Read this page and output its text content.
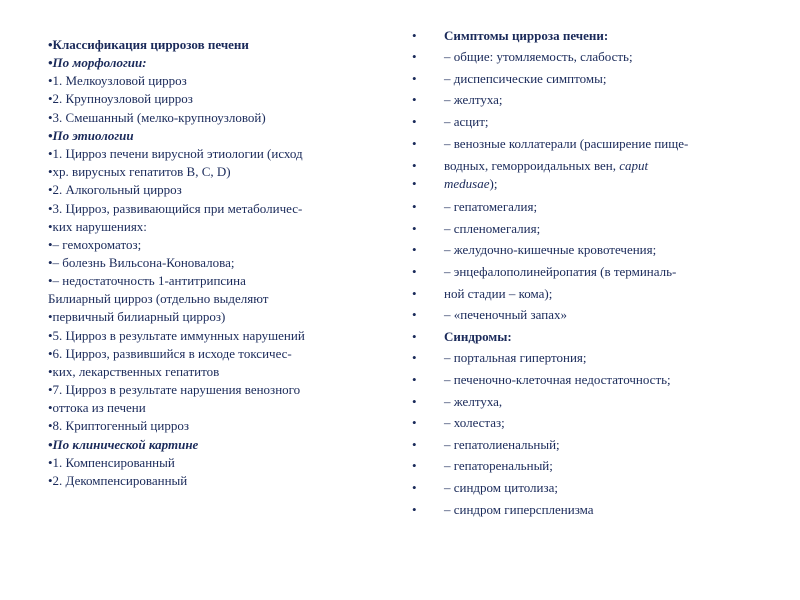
•Классификация циррозов печени
•По морфологии:
•1. Мелкоузловой цирроз
•2. Крупноузловой цирроз
•3. Смешанный (мелко-крупноузловой)
•По этиологии
•1. Цирроз печени вирусной этиологии (исход
•хр. вирусных гепатитов В, С, D)
•2. Алкогольный цирроз
•3. Цирроз, развивающийся при метаболичес-
•ких нарушениях:
•– гемохроматоз;
•– болезнь Вильсона-Коновалова;
•– недостаточность 1-антитрипсина
Билиарный цирроз (отдельно выделяют
•первичный билиарный цирроз)
•5. Цирроз в результате иммунных нарушений
•6. Цирроз, развившийся в исходе токсичес-
•ких, лекарственных гепатитов
•7. Цирроз в результате нарушения венозного
•оттока из печени
•8. Криптогенный цирроз
•По клинической картине
•1. Компенсированный
•2. Декомпенсированный
•	Симптомы цирроза печени:
•	– общие: утомляемость, слабость;
•	– диспепсические симптомы;
•	– желтуха;
•	– асцит;
•	– венозные коллатерали (расширение пище-
•	водных, геморроидальных вен, caput
•	medusae);
•	– гепатомегалия;
•	– спленомегалия;
•	– желудочно-кишечные кровотечения;
•	– энцефалополинейропатия (в терминаль-
•	ной стадии – кома);
•	– «печеночный запах»
•	Синдромы:
•	– портальная гипертония;
•	– печеночно-клеточная недостаточность;
•	– желтуха,
•	– холестаз;
•	– гепатолиенальный;
•	– гепаторенальный;
•	– синдром цитолиза;
•	– синдром гиперспленизма
